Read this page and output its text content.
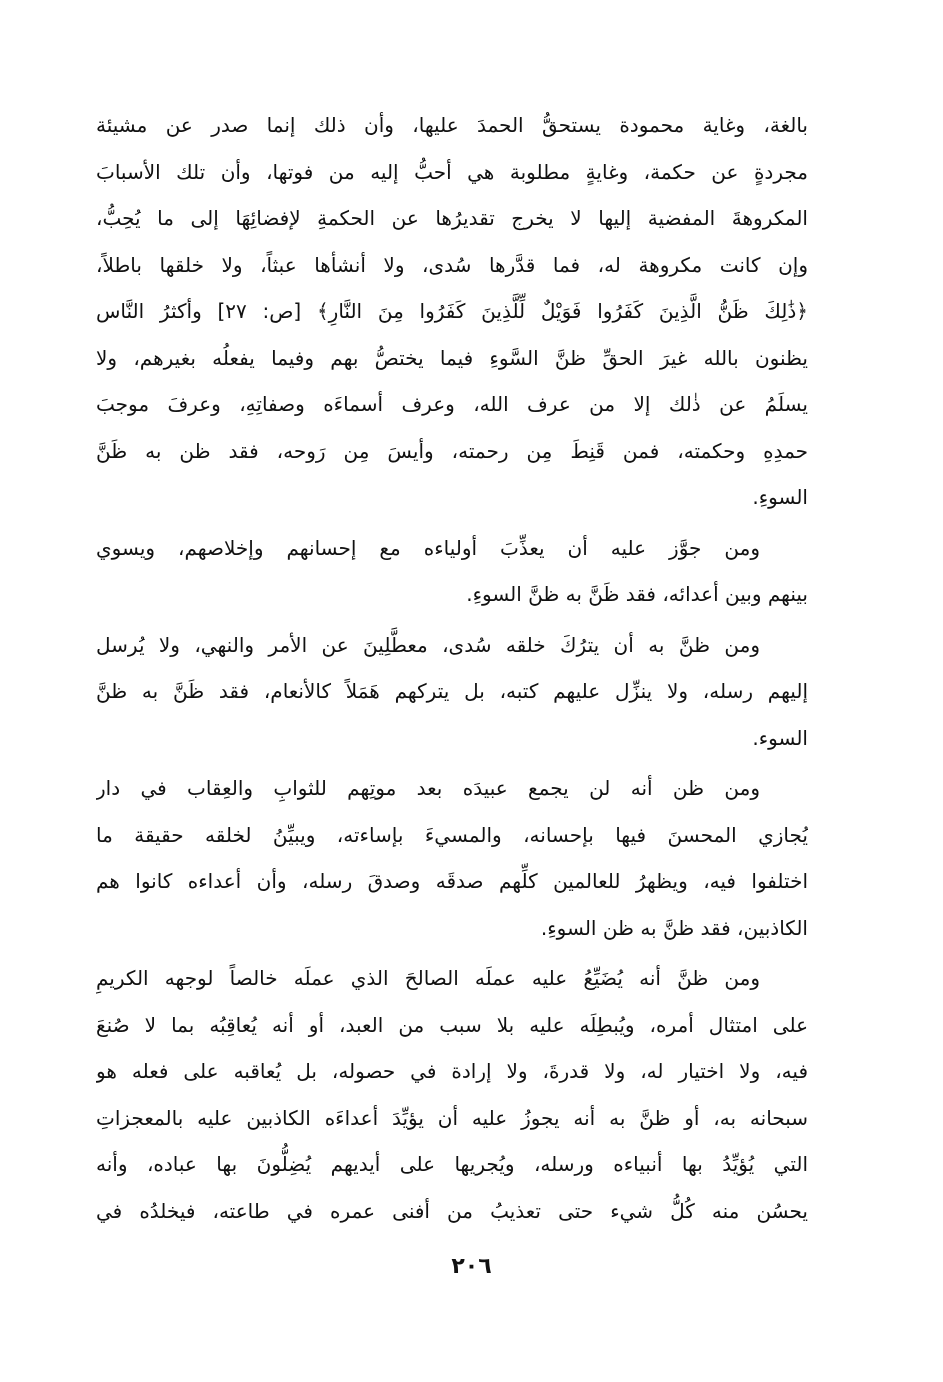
بالغة، وغاية محمودة يستحقُّ الحمدَ عليها، وأن ذلك إنما صدر عن مشيئة
مجردةٍ عن حكمة، وغايةٍ مطلوبة هي أحبُّ إليه من فوتها، وأن تلك الأسبابَ
المكروهةَ المفضية إليها لا يخرج تقديرُها عن الحكمةِ لإفضائِهَا إلى ما يُحِبُّ،
وإن كانت مكروهة له، فما قدَّرها سُدى، ولا أنشأها عبثاً، ولا خلقها باطلاً،
﴿ذَٰلِكَ ظَنُّ الَّذِينَ كَفَرُوا فَوَيْلٌ لِّلَّذِينَ كَفَرُوا مِنَ النَّارِ﴾ [ص: ٢٧] وأكثرُ النَّاس
يظنون بالله غيرَ الحقِّ ظنَّ السَّوءِ فيما يختصُّ بهم وفيما يفعلُه بغيرهم، ولا
يسلَمُ عن ذٰلك إلا من عرف الله، وعرف أسماءَه وصفاتِهِ، وعرفَ موجبَ
حمدِهِ وحكمته، فمن قَنِطَ مِن رحمته، وأيسَ مِن رَوحه، فقد ظن به ظَنَّ
السوءِ.
ومن جوَّز عليه أن يعذِّبَ أولياءه مع إحسانهم وإخلاصهم، ويسوي
بينهم وبين أعدائه، فقد ظَنَّ به ظنَّ السوءِ.
ومن ظنَّ به أن يترُكَ خلقه سُدى، معطَّلِينَ عن الأمر والنهي، ولا يُرسل
إليهم رسله، ولا ينزِّل عليهم كتبه، بل يتركهم هَمَلاً كالأنعام، فقد ظَنَّ به ظنَّ
السوء.
ومن ظن أنه لن يجمع عبيدَه بعد موتِهم للثوابِ والعِقاب في دار
يُجازي المحسنَ فيها بإحسانه، والمسيءَ بإساءته، ويبيِّنُ لخلقه حقيقة ما
اختلفوا فيه، ويظهرُ للعالمين كلِّهم صدقَه وصدقَ رسله، وأن أعداءه كانوا هم
الكاذبين، فقد ظنَّ به ظن السوءِ.
ومن ظنَّ أنه يُضَيِّعُ عليه عملَه الصالحَ الذي عملَه خالصاً لوجهه الكريمِ
على امتثال أمره، ويُبطِلَه عليه بلا سبب من العبد، أو أنه يُعاقِبُه بما لا صُنعَ
فيه، ولا اختيار له، ولا قدرةَ، ولا إرادة في حصوله، بل يُعاقبه على فعله هو
سبحانه به، أو ظنَّ به أنه يجوزُ عليه أن يؤيِّدَ أعداءَه الكاذبين عليه بالمعجزاتِ
التي يُؤيِّدُ بها أنبياءه ورسله، ويُجريها على أيديهم يُضِلُّونَ بها عباده، وأنه
يحسُن منه كُلُّ شيء حتى تعذيبُ من أفنى عمره في طاعته، فيخلدُه في
٢٠٦
